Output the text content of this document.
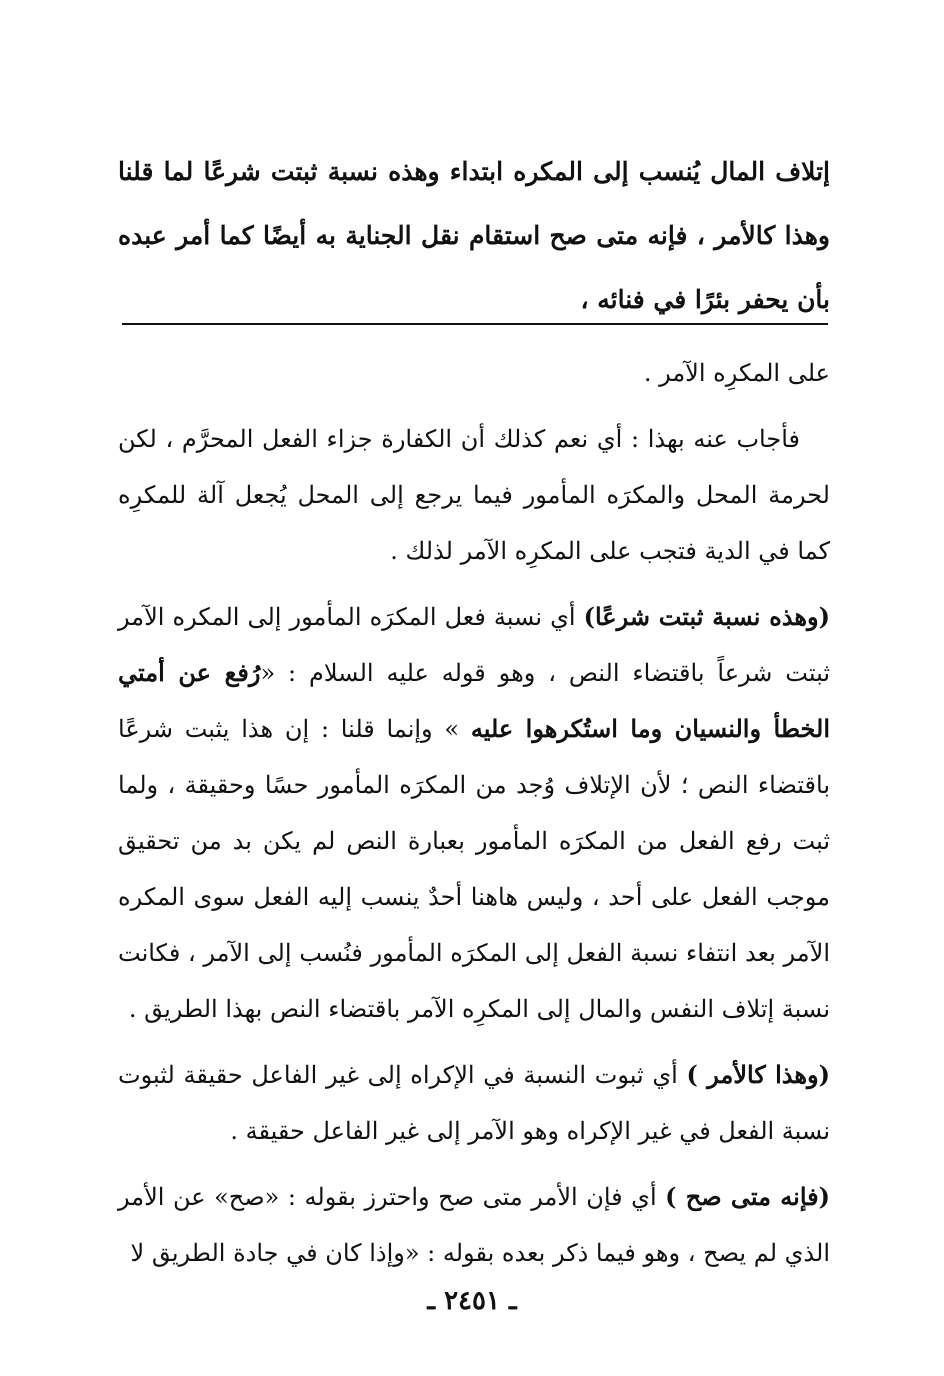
إتلاف المال يُنسب إلى المكره ابتداء وهذه نسبة ثبتت شرعًا لما قلنا وهذا كالأمر ، فإنه متى صح استقام نقل الجناية به أيضًا كما أمر عبده بأن يحفر بئرًا في فنائه ،

على المكرِه الآمر .

فأجاب عنه بهذا : أي نعم كذلك أن الكفارة جزاء الفعل المحرَّم ، لكن لحرمة المحل والمكرَه المأمور فيما يرجع إلى المحل يُجعل آلة للمكرِه كما في الدية فتجب على المكرِه الآمر لذلك .

(وهذه نسبة ثبتت شرعًا) أي نسبة فعل المكرَه المأمور إلى المكره الآمر ثبتت شرعاً باقتضاء النص ، وهو قوله عليه السلام : «رُفع عن أمتي الخطأ والنسيان وما استُكرهوا عليه » وإنما قلنا : إن هذا يثبت شرعًا باقتضاء النص ؛ لأن الإتلاف وُجد من المكرَه المأمور حسًا وحقيقة ، ولما ثبت رفع الفعل من المكرَه المأمور بعبارة النص لم يكن بد من تحقيق موجب الفعل على أحد ، وليس هاهنا أحدٌ ينسب إليه الفعل سوى المكره الآمر بعد انتفاء نسبة الفعل إلى المكرَه المأمور فنُسب إلى الآمر ، فكانت نسبة إتلاف النفس والمال إلى المكرِه الآمر باقتضاء النص بهذا الطريق .

(وهذا كالأمر ) أي ثبوت النسبة في الإكراه إلى غير الفاعل حقيقة لثبوت نسبة الفعل في غير الإكراه وهو الآمر إلى غير الفاعل حقيقة .

(فإنه متى صح ) أي فإن الأمر متى صح واحترز بقوله : «صح» عن الأمر الذي لم يصح ، وهو فيما ذكر بعده بقوله : «وإذا كان في جادة الطريق لا

ـ ٢٤٥١ ـ
